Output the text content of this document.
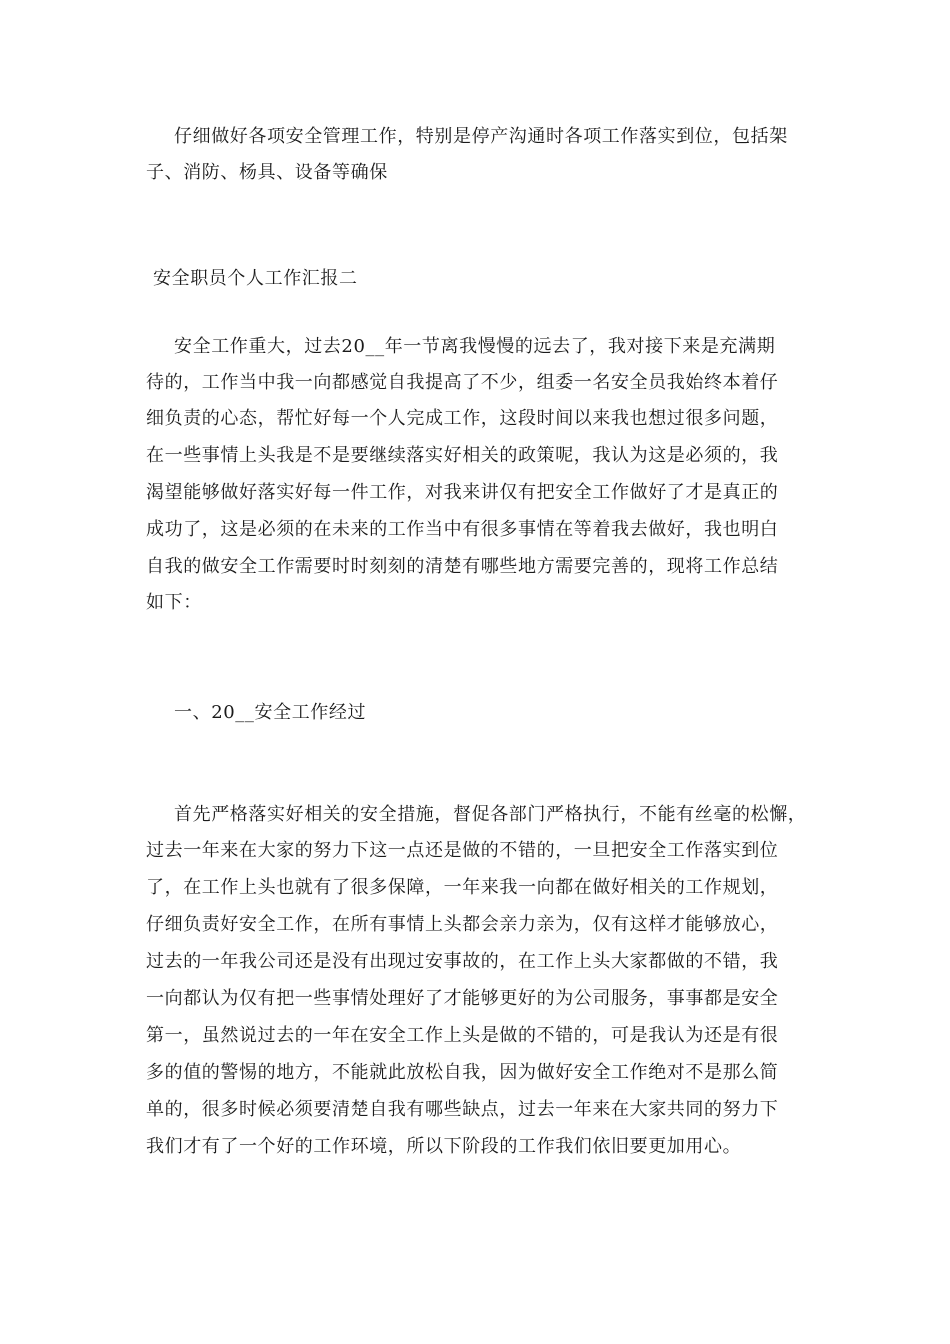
仔细做好各项安全管理工作，特别是停产沟通时各项工作落实到位，包括架
子、消防、杨具、设备等确保
安全职员个人工作汇报二
安全工作重大，过去20__年一节离我慢慢的远去了，我对接下来是充满期
待的，工作当中我一向都感觉自我提高了不少，组委一名安全员我始终本着仔
细负责的心态，帮忙好每一个人完成工作，这段时间以来我也想过很多问题，
在一些事情上头我是不是要继续落实好相关的政策呢，我认为这是必须的，我
渴望能够做好落实好每一件工作，对我来讲仅有把安全工作做好了才是真正的
成功了，这是必须的在未来的工作当中有很多事情在等着我去做好，我也明白
自我的做安全工作需要时时刻刻的清楚有哪些地方需要完善的，现将工作总结
如下：
一、20__安全工作经过
首先严格落实好相关的安全措施，督促各部门严格执行，不能有丝毫的松懈，
过去一年来在大家的努力下这一点还是做的不错的，一旦把安全工作落实到位
了，在工作上头也就有了很多保障，一年来我一向都在做好相关的工作规划，
仔细负责好安全工作，在所有事情上头都会亲力亲为，仅有这样才能够放心，
过去的一年我公司还是没有出现过安事故的，在工作上头大家都做的不错，我
一向都认为仅有把一些事情处理好了才能够更好的为公司服务，事事都是安全
第一，虽然说过去的一年在安全工作上头是做的不错的，可是我认为还是有很
多的值的警惕的地方，不能就此放松自我，因为做好安全工作绝对不是那么简
单的，很多时候必须要清楚自我有哪些缺点，过去一年来在大家共同的努力下
我们才有了一个好的工作环境，所以下阶段的工作我们依旧要更加用心。
